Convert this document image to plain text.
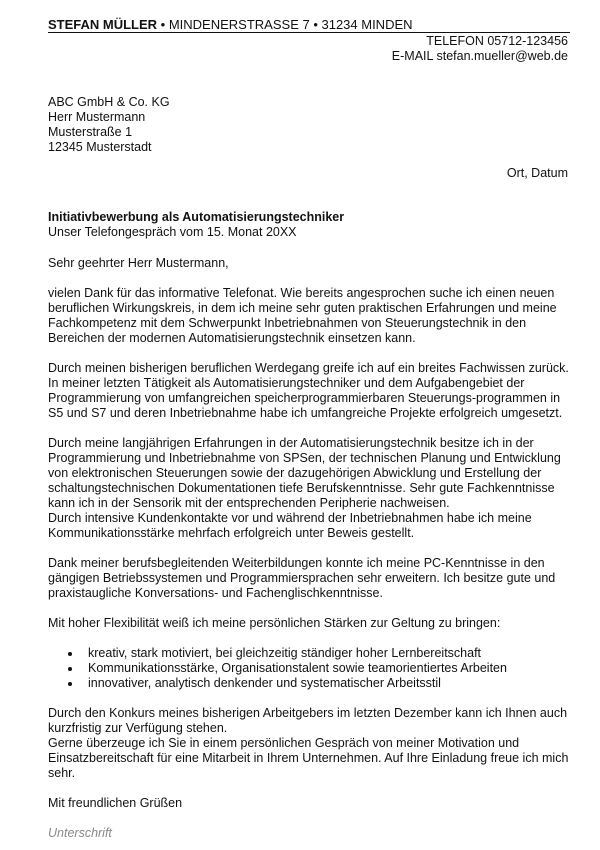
STEFAN MÜLLER • MINDENERSTRASSE 7 • 31234 MINDEN
TELEFON 05712-123456
E-MAIL stefan.mueller@web.de
ABC GmbH & Co. KG
Herr Mustermann
Musterstraße 1
12345 Musterstadt
Ort, Datum
Initiativbewerbung als Automatisierungstechniker
Unser Telefongespräch vom 15. Monat 20XX

Sehr geehrter Herr Mustermann,

vielen Dank für das informative Telefonat. Wie bereits angesprochen suche ich einen neuen beruflichen Wirkungskreis, in dem ich meine sehr guten praktischen Erfahrungen und meine Fachkompetenz mit dem Schwerpunkt Inbetriebnahmen von Steuerungstechnik in den Bereichen der modernen Automatisierungstechnik einsetzen kann.

Durch meinen bisherigen beruflichen Werdegang greife ich auf ein breites Fachwissen zurück. In meiner letzten Tätigkeit als Automatisierungstechniker und dem Aufgabengebiet der Programmierung von umfangreichen speicherprogrammierbaren Steuerungs-programmen in S5 und S7 und deren Inbetriebnahme habe ich umfangreiche Projekte erfolgreich umgesetzt.

Durch meine langjährigen Erfahrungen in der Automatisierungstechnik besitze ich in der Programmierung und Inbetriebnahme von SPSen, der technischen Planung und Entwicklung von elektronischen Steuerungen sowie der dazugehörigen Abwicklung und Erstellung der schaltungstechnischen Dokumentationen tiefe Berufskenntnisse. Sehr gute Fachkenntnisse kann ich in der Sensorik mit der entsprechenden Peripherie nachweisen.

Durch intensive Kundenkontakte vor und während der Inbetriebnahmen habe ich meine Kommunikationsstärke mehrfach erfolgreich unter Beweis gestellt.

Dank meiner berufsbegleitenden Weiterbildungen konnte ich meine PC-Kenntnisse in den gängigen Betriebssystemen und Programmiersprachen sehr erweitern. Ich besitze gute und praxistaugliche Konversations- und Fachenglischkenntnisse.

Mit hoher Flexibilität weiß ich meine persönlichen Stärken zur Geltung zu bringen:

kreativ, stark motiviert, bei gleichzeitig ständiger hoher Lernbereitschaft
Kommunikationsstärke, Organisationstalent sowie teamorientiertes Arbeiten
innovativer, analytisch denkender und systematischer Arbeitsstil

Durch den Konkurs meines bisherigen Arbeitgebers im letzten Dezember kann ich Ihnen auch kurzfristig zur Verfügung stehen.

Gerne überzeuge ich Sie in einem persönlichen Gespräch von meiner Motivation und Einsatzbereitschaft für eine Mitarbeit in Ihrem Unternehmen. Auf Ihre Einladung freue ich mich sehr.

Mit freundlichen Grüßen

Unterschrift
